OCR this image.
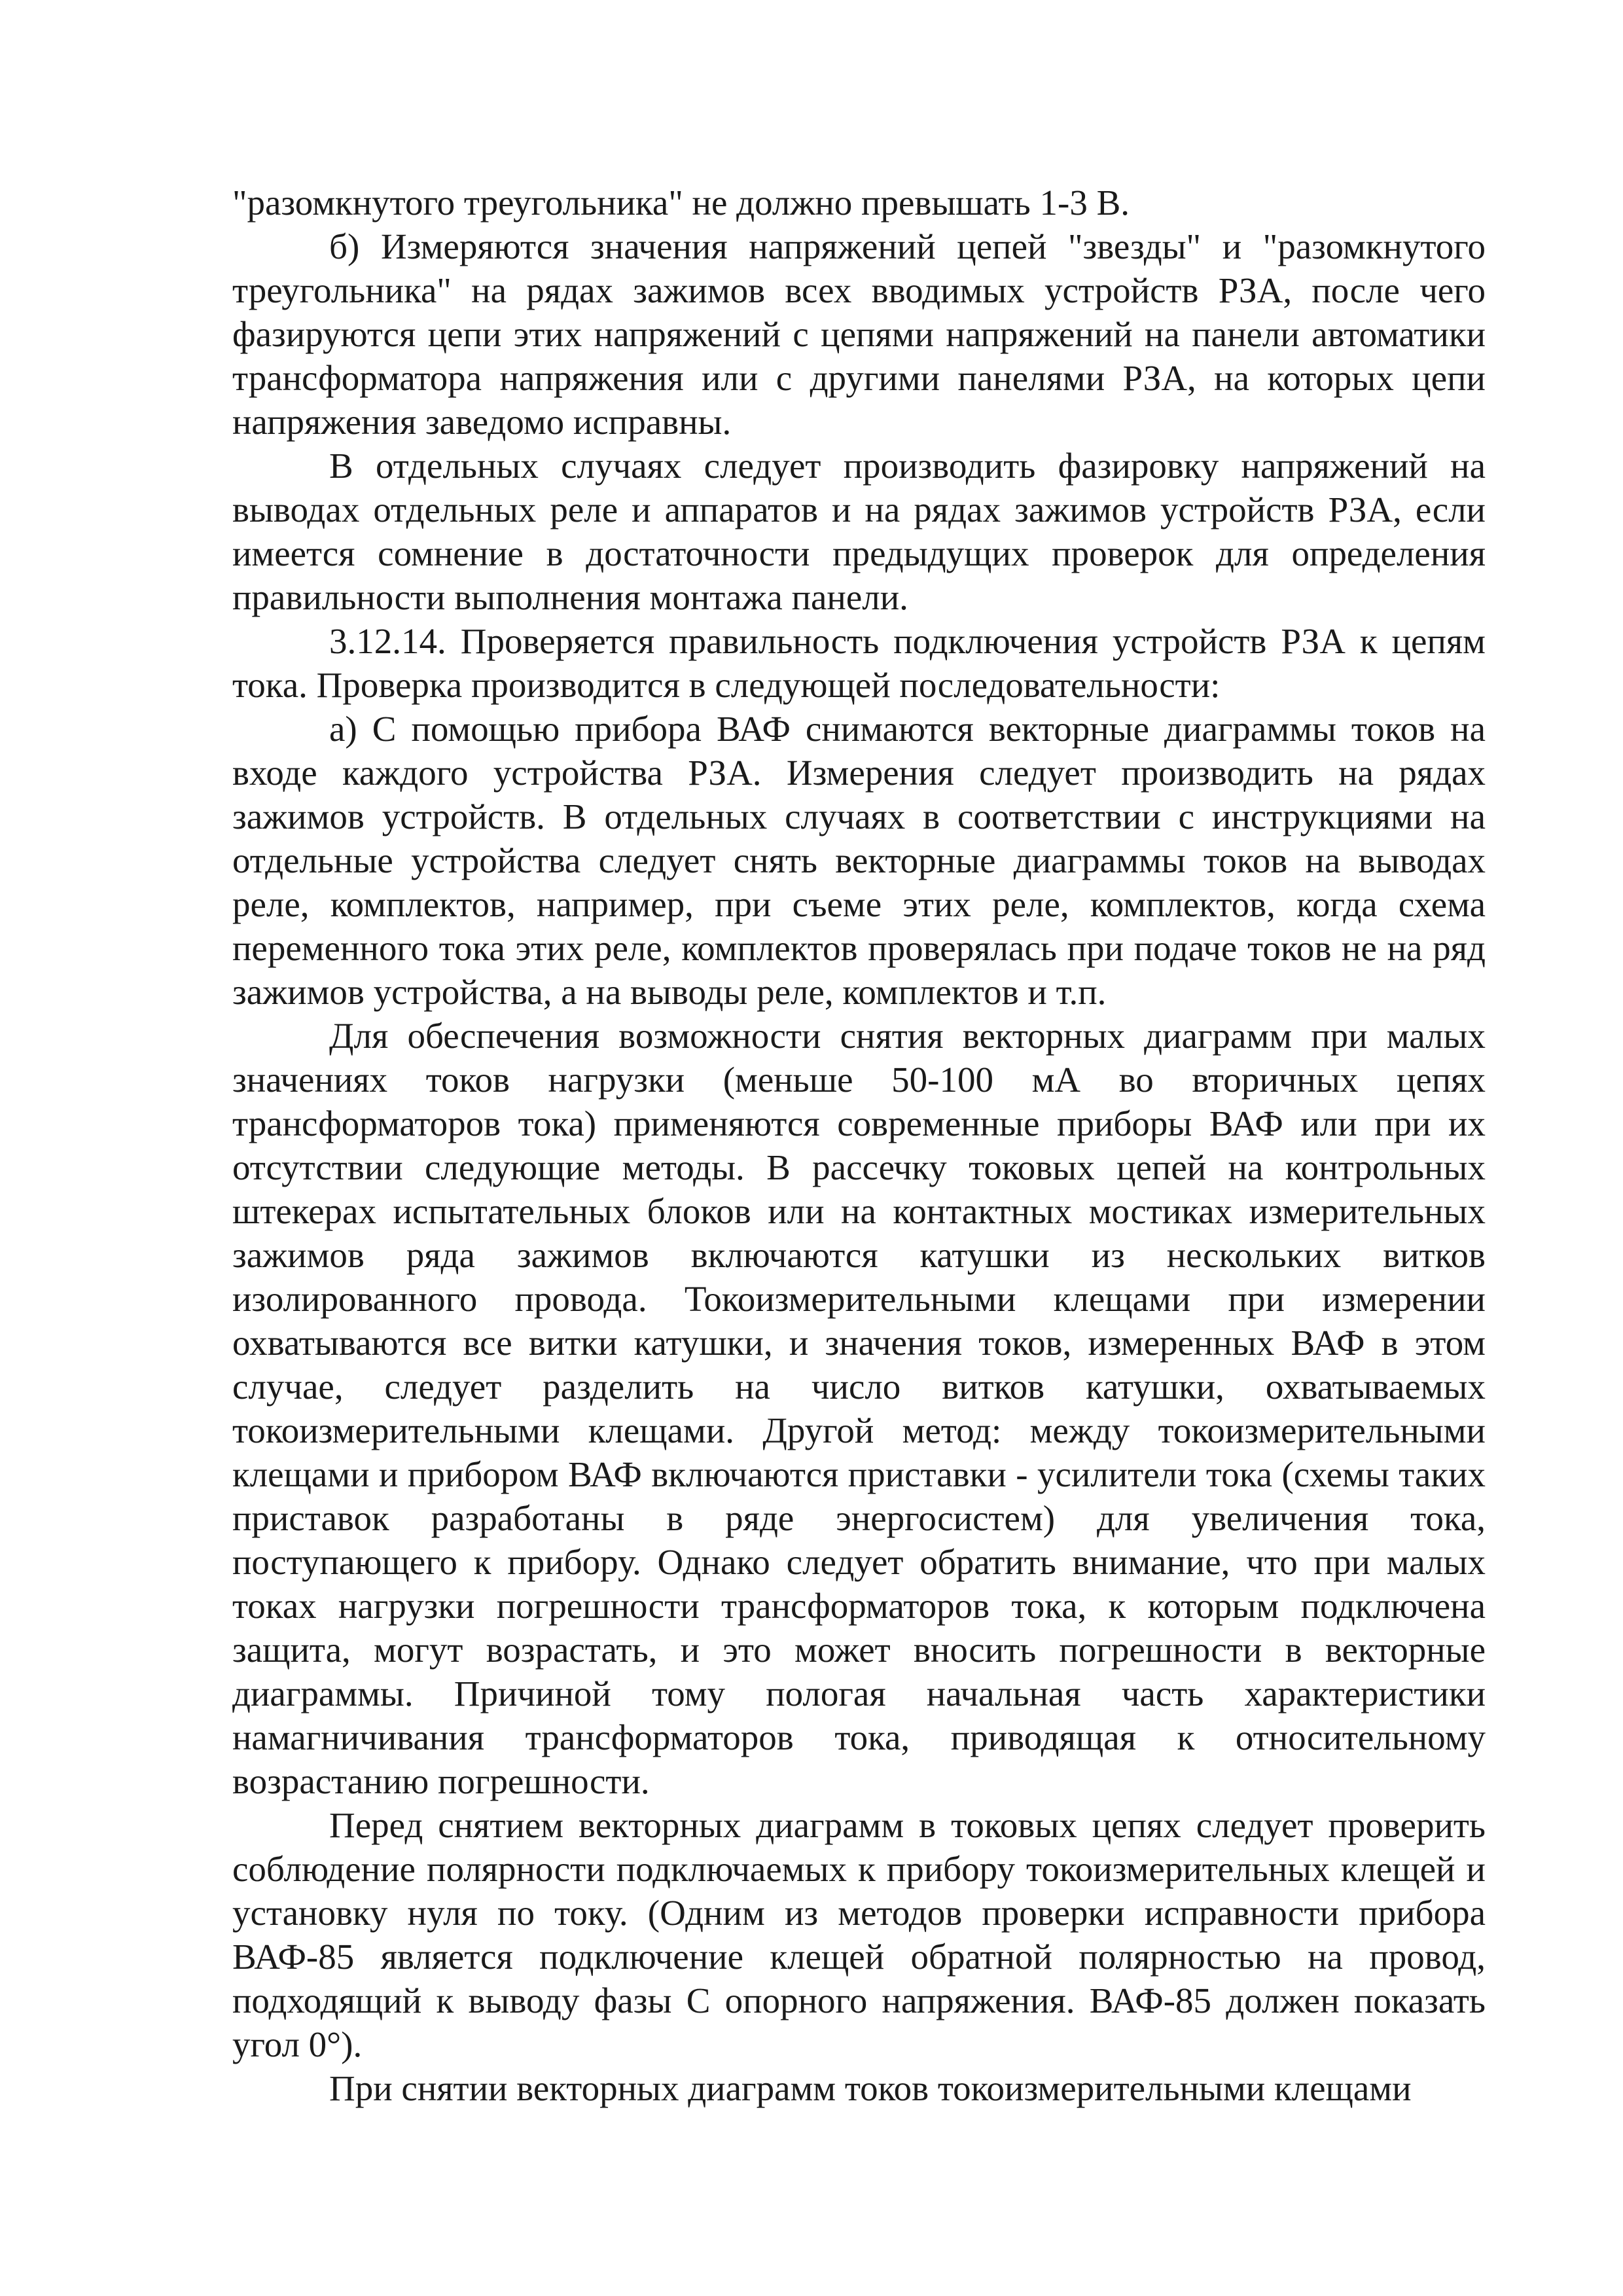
"разомкнутого треугольника" не должно превышать 1-3 В.

б) Измеряются значения напряжений цепей "звезды" и "разомкнутого треугольника" на рядах зажимов всех вводимых устройств РЗА, после чего фазируются цепи этих напряжений с цепями напряжений на панели автоматики трансформатора напряжения или с другими панелями РЗА, на которых цепи напряжения заведомо исправны.

В отдельных случаях следует производить фазировку напряжений на выводах отдельных реле и аппаратов и на рядах зажимов устройств РЗА, если имеется сомнение в достаточности предыдущих проверок для определения правильности выполнения монтажа панели.

3.12.14. Проверяется правильность подключения устройств РЗА к цепям тока. Проверка производится в следующей последовательности:

а) С помощью прибора ВАФ снимаются векторные диаграммы токов на входе каждого устройства РЗА. Измерения следует производить на рядах зажимов устройств. В отдельных случаях в соответствии с инструкциями на отдельные устройства следует снять векторные диаграммы токов на выводах реле, комплектов, например, при съеме этих реле, комплектов, когда схема переменного тока этих реле, комплектов проверялась при подаче токов не на ряд зажимов устройства, а на выводы реле, комплектов и т.п.

Для обеспечения возможности снятия векторных диаграмм при малых значениях токов нагрузки (меньше 50-100 мА во вторичных цепях трансформаторов тока) применяются современные приборы ВАФ или при их отсутствии следующие методы. В рассечку токовых цепей на контрольных штекерах испытательных блоков или на контактных мостиках измерительных зажимов ряда зажимов включаются катушки из нескольких витков изолированного провода. Токоизмерительными клещами при измерении охватываются все витки катушки, и значения токов, измеренных ВАФ в этом случае, следует разделить на число витков катушки, охватываемых токоизмерительными клещами. Другой метод: между токоизмерительными клещами и прибором ВАФ включаются приставки - усилители тока (схемы таких приставок разработаны в ряде энергосистем) для увеличения тока, поступающего к прибору. Однако следует обратить внимание, что при малых токах нагрузки погрешности трансформаторов тока, к которым подключена защита, могут возрастать, и это может вносить погрешности в векторные диаграммы. Причиной тому пологая начальная часть характеристики намагничивания трансформаторов тока, приводящая к относительному возрастанию погрешности.

Перед снятием векторных диаграмм в токовых цепях следует проверить соблюдение полярности подключаемых к прибору токоизмерительных клещей и установку нуля по току. (Одним из методов проверки исправности прибора ВАФ-85 является подключение клещей обратной полярностью на провод, подходящий к выводу фазы С опорного напряжения. ВАФ-85 должен показать угол 0°).

При снятии векторных диаграмм токов токоизмерительными клещами
